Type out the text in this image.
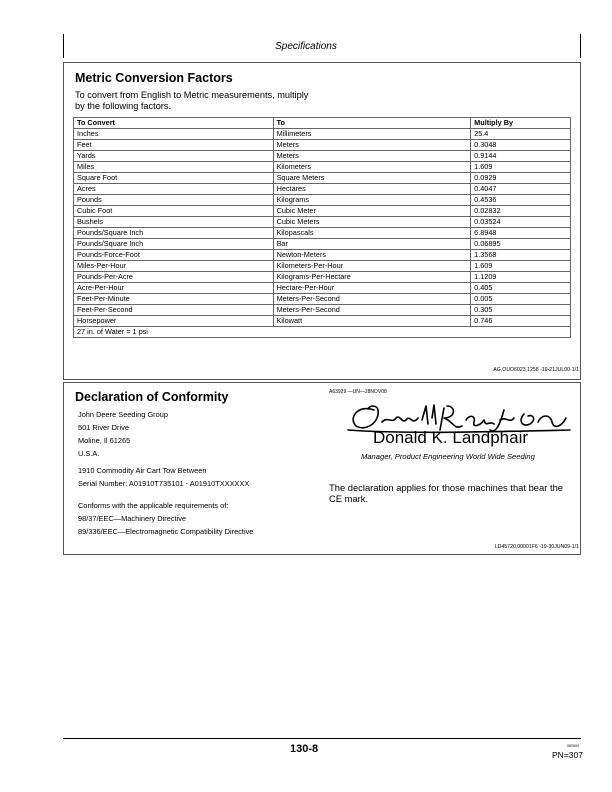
Specifications
Metric Conversion Factors
To convert from English to Metric measurements, multiply
by the following factors.
To Convert	To	Multiply By
Inches	Millimeters	25.4
Feet	Meters	0.3048
Yards	Meters	0.9144
Miles	Kilometers	1.609
Square Foot	Square Meters	0.0929
Acres	Hectares	0.4047
Pounds	Kilograms	0.4536
Cubic Foot	Cubic Meter	0.02832
Bushels	Cubic Meters	0.03524
Pounds/Square Inch	Kilopascals	6.8948
Pounds/Square Inch	Bar	0.06895
Pounds-Force-Foot	Newton-Meters	1.3568
Miles-Per-Hour	Kilometers-Per-Hour	1.609
Pounds-Per-Acre	Kilograms-Per-Hectare	1.1209
Acre-Per-Hour	Hectare-Per-Hour	0.405
Feet-Per-Minute	Meters-Per-Second	0.005
Feet-Per-Second	Meters-Per-Second	0.305
Horsepower	Kilowatt	0.746
27 in. of Water = 1 psi		
AG,OUO6023,1258 -19-21JUL00-1/1
Declaration of Conformity
John Deere Seeding Group
501 River Drive
Moline, Il 61265
U.S.A.
1910 Commodity Air Cart Tow Between
Serial Number: A01910T735101 - A01910TXXXXXX
Conforms with the applicable requirements of:
98/37/EEC—Machinery Directive
89/336/EEC—Electromagnetic Compatibility Directive
A63929 —UN—28NOV08
Donald K. Landphair
Manager, Product Engineering World Wide Seeding
The declaration applies for those machines that bear the
CE mark.
LD45720,00001F6 -19-30JUN09-1/1
130-8	082609
PN=307
